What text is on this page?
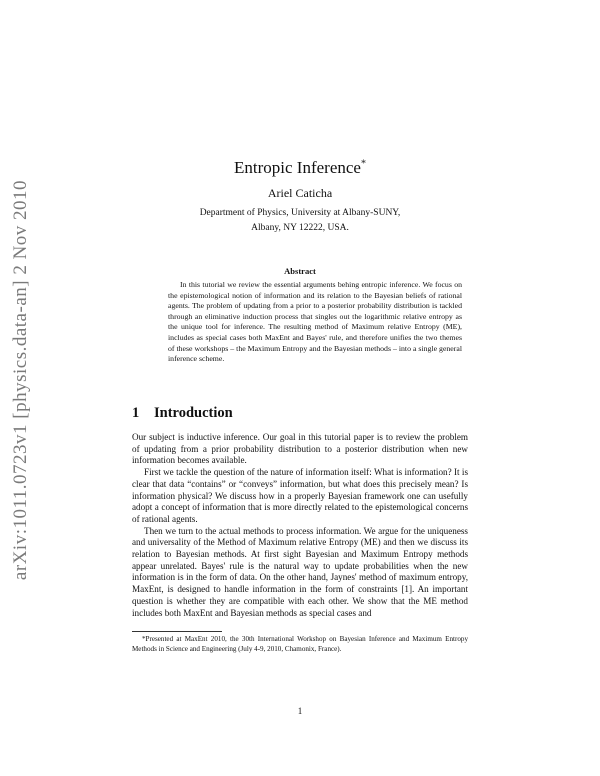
arXiv:1011.0723v1 [physics.data-an] 2 Nov 2010
Entropic Inference*
Ariel Caticha
Department of Physics, University at Albany-SUNY,
Albany, NY 12222, USA.
Abstract
In this tutorial we review the essential arguments behing entropic inference. We focus on the epistemological notion of information and its relation to the Bayesian beliefs of rational agents. The problem of updating from a prior to a posterior probability distribution is tackled through an eliminative induction process that singles out the logarithmic relative entropy as the unique tool for inference. The resulting method of Maximum relative Entropy (ME), includes as special cases both MaxEnt and Bayes' rule, and therefore unifies the two themes of these workshops – the Maximum Entropy and the Bayesian methods – into a single general inference scheme.
1 Introduction

Our subject is inductive inference. Our goal in this tutorial paper is to review the problem of updating from a prior probability distribution to a posterior distribution when new information becomes available.

First we tackle the question of the nature of information itself: What is information? It is clear that data “contains” or “conveys” information, but what does this precisely mean? Is information physical? We discuss how in a properly Bayesian framework one can usefully adopt a concept of information that is more directly related to the epistemological concerns of rational agents.

Then we turn to the actual methods to process information. We argue for the uniqueness and universality of the Method of Maximum relative Entropy (ME) and then we discuss its relation to Bayesian methods. At first sight Bayesian and Maximum Entropy methods appear unrelated. Bayes' rule is the natural way to update probabilities when the new information is in the form of data. On the other hand, Jaynes' method of maximum entropy, MaxEnt, is designed to handle information in the form of constraints [1]. An important question is whether they are compatible with each other. We show that the ME method includes both MaxEnt and Bayesian methods as special cases and

*Presented at MaxEnt 2010, the 30th International Workshop on Bayesian Inference and Maximum Entropy Methods in Science and Engineering (July 4-9, 2010, Chamonix, France).
1
